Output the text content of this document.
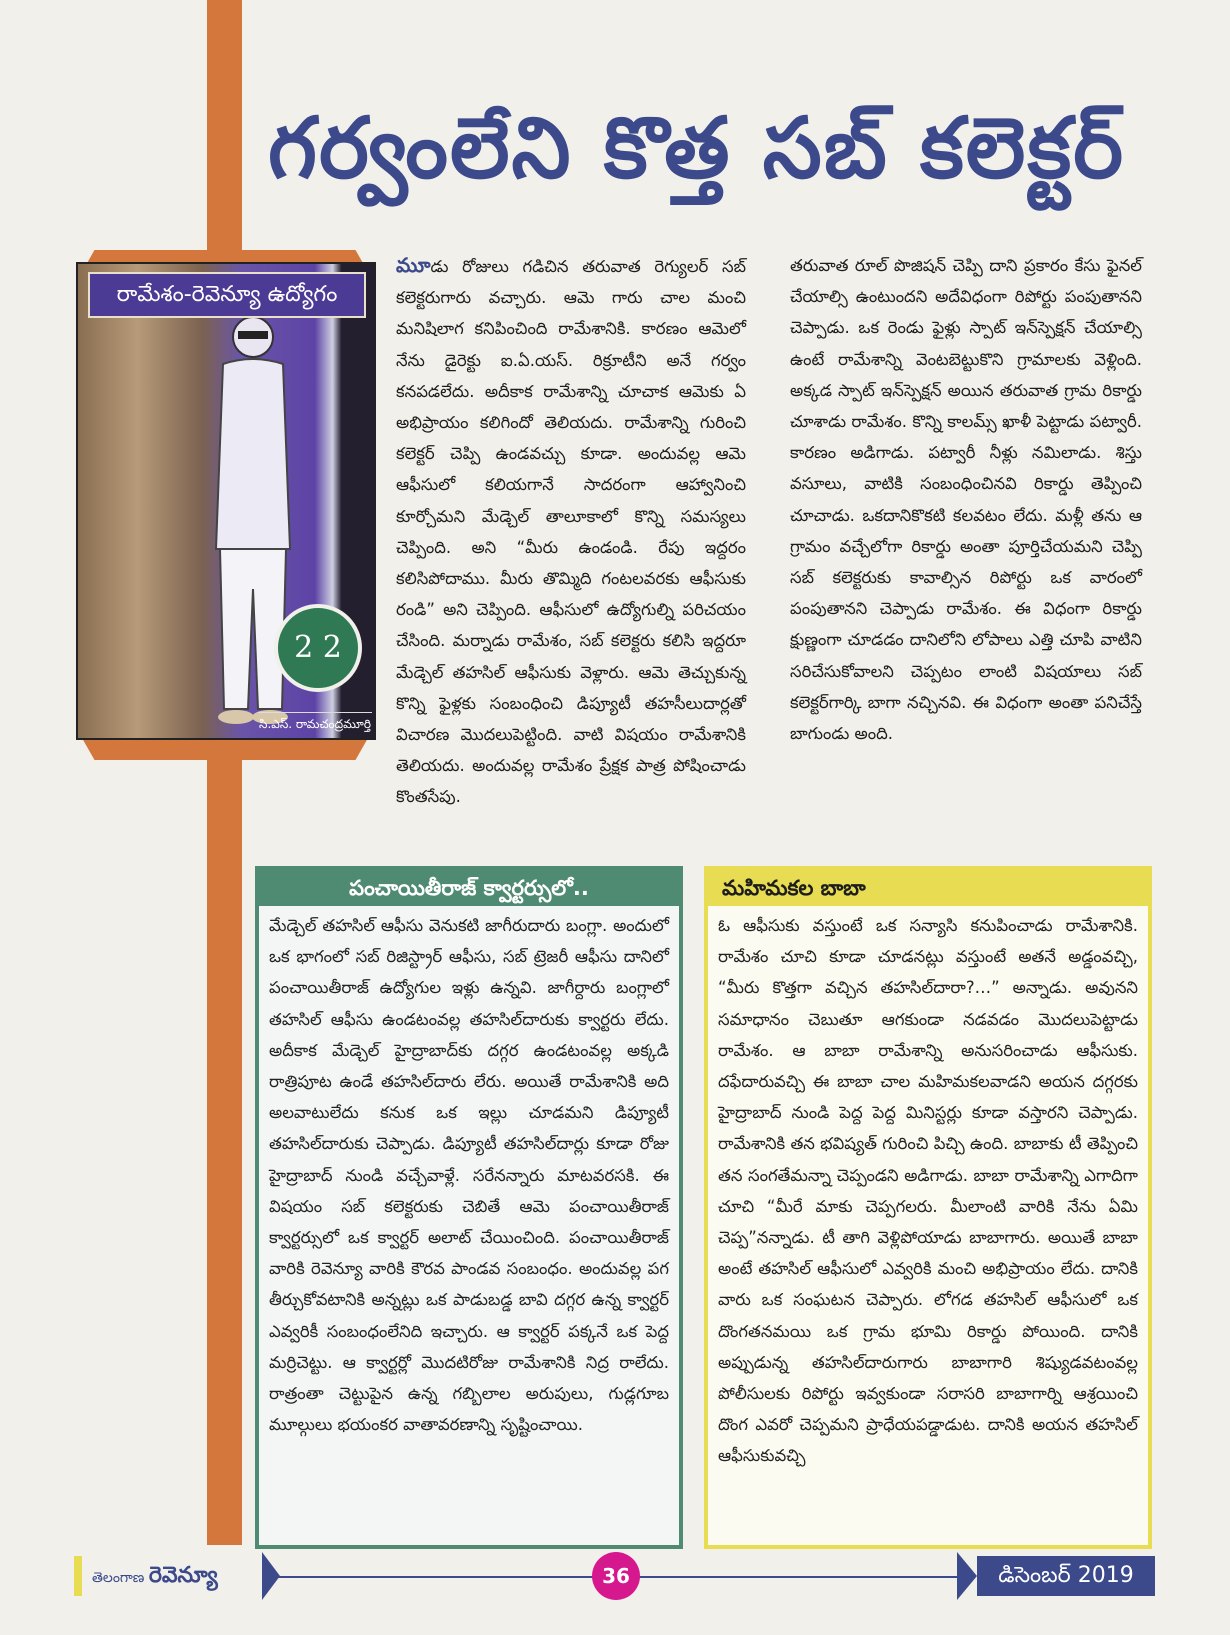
గర్వంలేని కొత్త సబ్ కలెక్టర్
రామేశం-రెవెన్యూ ఉద్యోగం
2 2
సి.ఎస్. రామచంద్రమూర్తి

మూడు రోజులు గడిచిన తరువాత రెగ్యులర్ సబ్ కలెక్టరుగారు వచ్చారు. ఆమె గారు చాల మంచి మనిషిలాగ కనిపించింది రామేశానికి. కారణం ఆమెలో నేను డైరెక్టు ఐ.ఏ.యస్. రిక్రూటీని అనే గర్వం కనపడలేదు. అదీకాక రామేశాన్ని చూచాక ఆమెకు ఏ అభిప్రాయం కలిగిందో తెలియదు. రామేశాన్ని గురించి కలెక్టర్ చెప్పి ఉండవచ్చు కూడా. అందువల్ల ఆమె ఆఫీసులో కలియగానే సాదరంగా ఆహ్వానించి కూర్చోమని మేడ్చెల్ తాలూకాలో కొన్ని సమస్యలు చెప్పింది. అని “మీరు ఉండండి. రేపు ఇద్దరం కలిసిపోదాము. మీరు తొమ్మిది గంటలవరకు ఆఫీసుకు రండి” అని చెప్పింది. ఆఫీసులో ఉద్యోగుల్ని పరిచయం చేసింది. మర్నాడు రామేశం, సబ్ కలెక్టరు కలిసి ఇద్దరూ మేడ్చెల్ తహసిల్ ఆఫీసుకు వెళ్లారు. ఆమె తెచ్చుకున్న కొన్ని ఫైళ్లకు సంబంధించి డిప్యూటీ తహసీలుదార్లతో విచారణ మొదలుపెట్టింది. వాటి విషయం రామేశానికి తెలియదు. అందువల్ల రామేశం ప్రేక్షక పాత్ర పోషించాడు కొంతసేపు.

తరువాత రూల్ పొజిషన్ చెప్పి దాని ప్రకారం కేసు ఫైనల్ చేయాల్సి ఉంటుందని అదేవిధంగా రిపోర్టు పంపుతానని చెప్పాడు. ఒక రెండు ఫైళ్లు స్పాట్ ఇన్‌స్పెక్షన్ చేయాల్సి ఉంటే రామేశాన్ని వెంటబెట్టుకొని గ్రామాలకు వెళ్లింది. అక్కడ స్పాట్ ఇన్‌స్పెక్షన్ అయిన తరువాత గ్రామ రికార్డు చూశాడు రామేశం. కొన్ని కాలమ్స్ ఖాళీ పెట్టాడు పట్వారీ. కారణం అడిగాడు. పట్వారీ నీళ్లు నమిలాడు. శిస్తు వసూలు, వాటికి సంబంధించినవి రికార్డు తెప్పించి చూచాడు. ఒకదానికొకటి కలవటం లేదు. మళ్లీ తను ఆ గ్రామం వచ్చేలోగా రికార్డు అంతా పూర్తిచేయమని చెప్పి సబ్ కలెక్టరుకు కావాల్సిన రిపోర్టు ఒక వారంలో పంపుతానని చెప్పాడు రామేశం. ఈ విధంగా రికార్డు క్షుణ్ణంగా చూడడం దానిలోని లోపాలు ఎత్తి చూపి వాటిని సరిచేసుకోవాలని చెప్పటం లాంటి విషయాలు సబ్ కలెక్టర్‌గార్కి బాగా నచ్చినవి. ఈ విధంగా అంతా పనిచేస్తే బాగుండు అంది.

పంచాయితీరాజ్ క్వార్టర్సులో..

మేడ్చెల్ తహసిల్ ఆఫీసు వెనుకటి జాగీరుదారు బంగ్లా. అందులో ఒక భాగంలో సబ్ రిజిస్ట్రార్ ఆఫీసు, సబ్ ట్రెజరీ ఆఫీసు దానిలో పంచాయితీరాజ్ ఉద్యోగుల ఇళ్లు ఉన్నవి. జాగీర్దారు బంగ్లాలో తహసిల్ ఆఫీసు ఉండటంవల్ల తహసిల్‌దారుకు క్వార్టరు లేదు. అదీకాక మేడ్చెల్ హైద్రాబాద్‌కు దగ్గర ఉండటంవల్ల అక్కడి రాత్రిపూట ఉండే తహసిల్‌దారు లేరు. అయితే రామేశానికి అది అలవాటులేదు కనుక ఒక ఇల్లు చూడమని డిప్యూటీ తహసిల్‌దారుకు చెప్పాడు. డిప్యూటీ తహసిల్‌దార్లు కూడా రోజు హైద్రాబాద్ నుండి వచ్చేవాళ్లే. సరేనన్నారు మాటవరసకి. ఈ విషయం సబ్ కలెక్టరుకు చెబితే ఆమె పంచాయితీరాజ్ క్వార్టర్సులో ఒక క్వార్టర్ అలాట్ చేయించింది. పంచాయితీరాజ్ వారికి రెవెన్యూ వారికి కౌరవ పాండవ సంబంధం. అందువల్ల పగ తీర్చుకోవటానికి అన్నట్లు ఒక పాడుబడ్డ బావి దగ్గర ఉన్న క్వార్టర్ ఎవ్వరికీ సంబంధంలేనిది ఇచ్చారు. ఆ క్వార్టర్ పక్కనే ఒక పెద్ద మర్రిచెట్టు. ఆ క్వార్టర్లో మొదటిరోజు రామేశానికి నిద్ర రాలేదు. రాత్రంతా చెట్టుపైన ఉన్న గబ్బిలాల అరుపులు, గుడ్లగూబ మూల్గులు భయంకర వాతావరణాన్ని సృష్టించాయి.

మహిమకల బాబా

ఓ ఆఫీసుకు వస్తుంటే ఒక సన్యాసి కనుపించాడు రామేశానికి. రామేశం చూచి కూడా చూడనట్లు వస్తుంటే అతనే అడ్డంవచ్చి, “మీరు కొత్తగా వచ్చిన తహసిల్‌దారా?…” అన్నాడు. అవునని సమాధానం చెబుతూ ఆగకుండా నడవడం మొదలుపెట్టాడు రామేశం. ఆ బాబా రామేశాన్ని అనుసరించాడు ఆఫీసుకు. దఫేదారువచ్చి ఈ బాబా చాల మహిమకలవాడని అయన దగ్గరకు హైద్రాబాద్ నుండి పెద్ద పెద్ద మినిస్టర్లు కూడా వస్తారని చెప్పాడు. రామేశానికి తన భవిష్యత్ గురించి పిచ్చి ఉంది. బాబాకు టీ తెప్పించి తన సంగతేమన్నా చెప్పండని అడిగాడు. బాబా రామేశాన్ని ఎగాదిగా చూచి “మీరే మాకు చెప్పగలరు. మీలాంటి వారికి నేను ఏమి చెప్ప”నన్నాడు. టీ తాగి వెళ్లిపోయాడు బాబాగారు. అయితే బాబా అంటే తహసిల్ ఆఫీసులో ఎవ్వరికి మంచి అభిప్రాయం లేదు. దానికి వారు ఒక సంఘటన చెప్పారు. లోగడ తహసిల్ ఆఫీసులో ఒక దొంగతనమయి ఒక గ్రామ భూమి రికార్డు పోయింది. దానికి అప్పుడున్న తహసిల్‌దారుగారు బాబాగారి శిష్యుడవటంవల్ల పోలీసులకు రిపోర్టు ఇవ్వకుండా సరాసరి బాబాగార్ని ఆశ్రయించి దొంగ ఎవరో చెప్పమని ప్రాధేయపడ్డాడుట. దానికి అయన తహసిల్ ఆఫీసుకువచ్చి

తెలంగాణ రెవెన్యూ	36	డిసెంబర్ 2019
